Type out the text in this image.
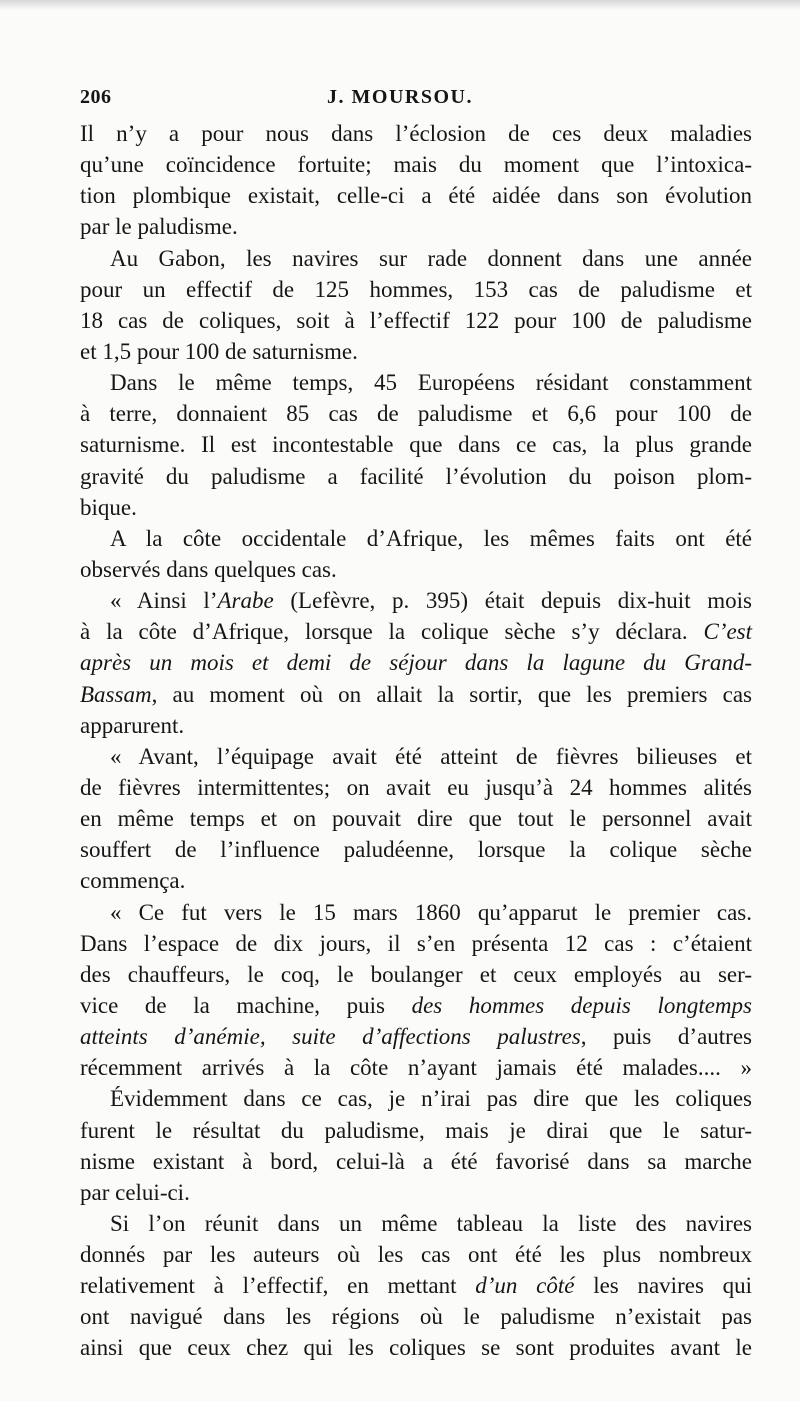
206	J. MOURSOU.
Il n’y a pour nous dans l’éclosion de ces deux maladies
qu’une coïncidence fortuite; mais du moment que l’intoxica-
tion plombique existait, celle-ci a été aidée dans son évolution
par le paludisme.
Au Gabon, les navires sur rade donnent dans une année
pour un effectif de 125 hommes, 153 cas de paludisme et
18 cas de coliques, soit à l’effectif 122 pour 100 de paludisme
et 1,5 pour 100 de saturnisme.
Dans le même temps, 45 Européens résidant constamment
à terre, donnaient 85 cas de paludisme et 6,6 pour 100 de
saturnisme. Il est incontestable que dans ce cas, la plus grande
gravité du paludisme a facilité l’évolution du poison plom-
bique.
A la côte occidentale d’Afrique, les mêmes faits ont été
observés dans quelques cas.
« Ainsi l’Arabe (Lefèvre, p. 395) était depuis dix-huit mois
à la côte d’Afrique, lorsque la colique sèche s’y déclara. C’est
après un mois et demi de séjour dans la lagune du Grand-
Bassam, au moment où on allait la sortir, que les premiers cas
apparurent.
« Avant, l’équipage avait été atteint de fièvres bilieuses et
de fièvres intermittentes; on avait eu jusqu’à 24 hommes alités
en même temps et on pouvait dire que tout le personnel avait
souffert de l’influence paludéenne, lorsque la colique sèche
commença.
« Ce fut vers le 15 mars 1860 qu’apparut le premier cas.
Dans l’espace de dix jours, il s’en présenta 12 cas : c’étaient
des chauffeurs, le coq, le boulanger et ceux employés au ser-
vice de la machine, puis des hommes depuis longtemps
atteints d’anémie, suite d’affections palustres, puis d’autres
récemment arrivés à la côte n’ayant jamais été malades.... »
Évidemment dans ce cas, je n’irai pas dire que les coliques
furent le résultat du paludisme, mais je dirai que le satur-
nisme existant à bord, celui-là a été favorisé dans sa marche
par celui-ci.
Si l’on réunit dans un même tableau la liste des navires
donnés par les auteurs où les cas ont été les plus nombreux
relativement à l’effectif, en mettant d’un côté les navires qui
ont navigué dans les régions où le paludisme n’existait pas
ainsi que ceux chez qui les coliques se sont produites avant le
